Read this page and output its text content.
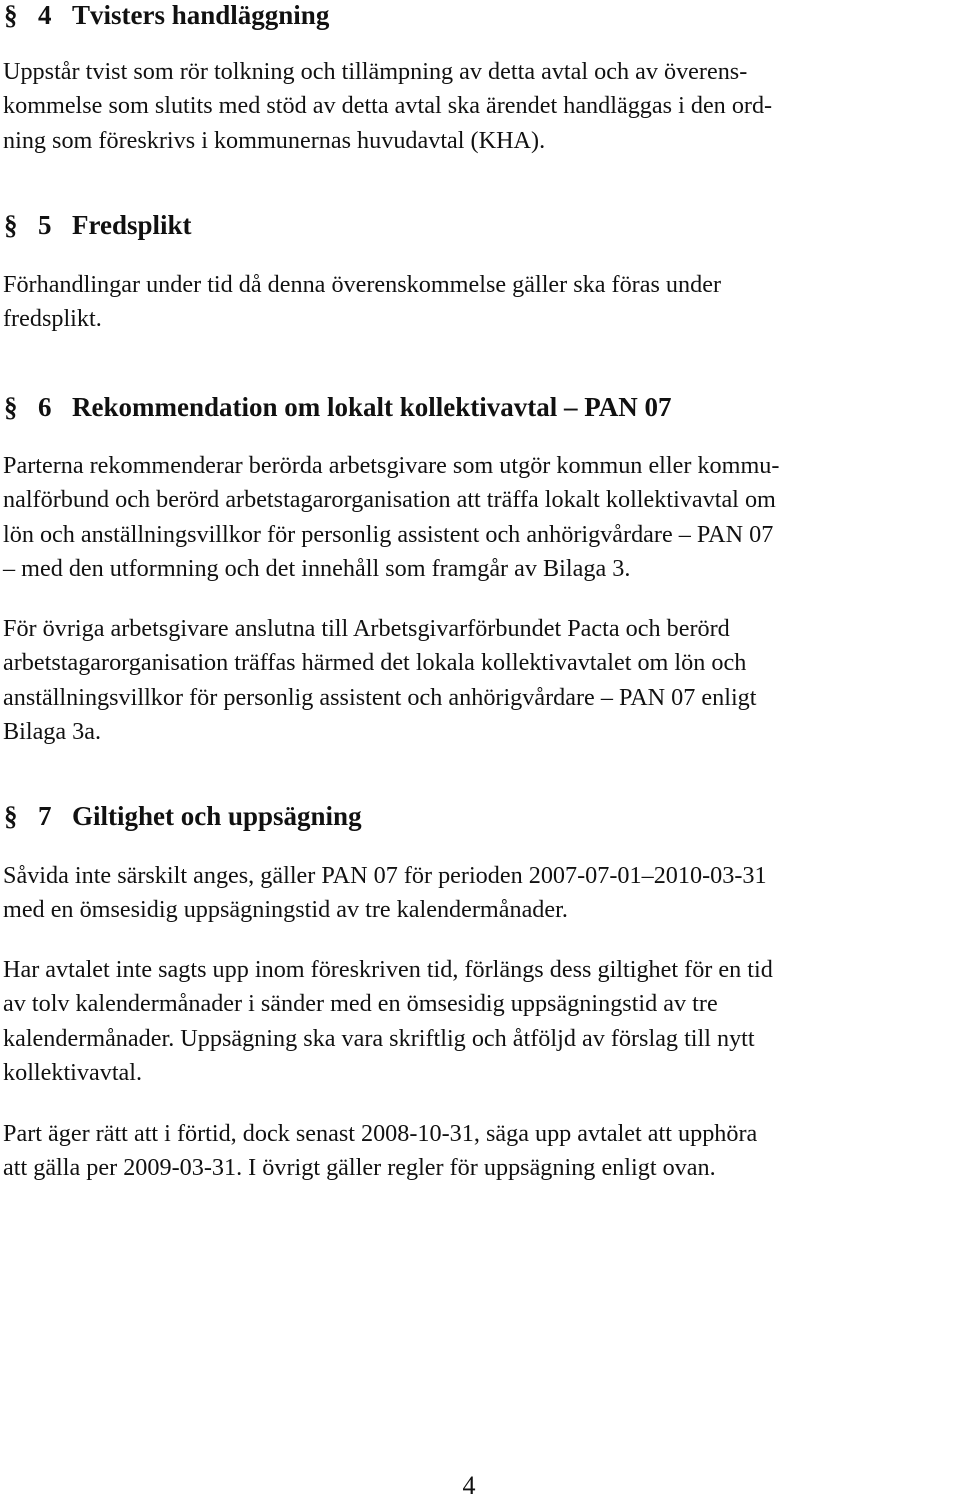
§ 4 Tvisters handläggning
Uppstår tvist som rör tolkning och tillämpning av detta avtal och av överens-
kommelse som slutits med stöd av detta avtal ska ärendet handläggas i den ord-
ning som föreskrivs i kommunernas huvudavtal (KHA).
§ 5 Fredsplikt
Förhandlingar under tid då denna överenskommelse gäller ska föras under
fredsplikt.
§ 6 Rekommendation om lokalt kollektivavtal – PAN 07
Parterna rekommenderar berörda arbetsgivare som utgör kommun eller kommu-
nalförbund och berörd arbetstagarorganisation att träffa lokalt kollektivavtal om
lön och anställningsvillkor för personlig assistent och anhörigvårdare – PAN 07
– med den utformning och det innehåll som framgår av Bilaga 3.
För övriga arbetsgivare anslutna till Arbetsgivarförbundet Pacta och berörd
arbetstagarorganisation träffas härmed det lokala kollektivavtalet om lön och
anställningsvillkor för personlig assistent och anhörigvårdare – PAN 07 enligt
Bilaga 3a.
§ 7 Giltighet och uppsägning
Såvida inte särskilt anges, gäller PAN 07 för perioden 2007-07-01–2010-03-31
med en ömsesidig uppsägningstid av tre kalendermånader.
Har avtalet inte sagts upp inom föreskriven tid, förlängs dess giltighet för en tid
av tolv kalendermånader i sänder med en ömsesidig uppsägningstid av tre
kalendermånader. Uppsägning ska vara skriftlig och åtföljd av förslag till nytt
kollektivavtal.
Part äger rätt att i förtid, dock senast 2008-10-31, säga upp avtalet att upphöra
att gälla per 2009-03-31. I övrigt gäller regler för uppsägning enligt ovan.
4
